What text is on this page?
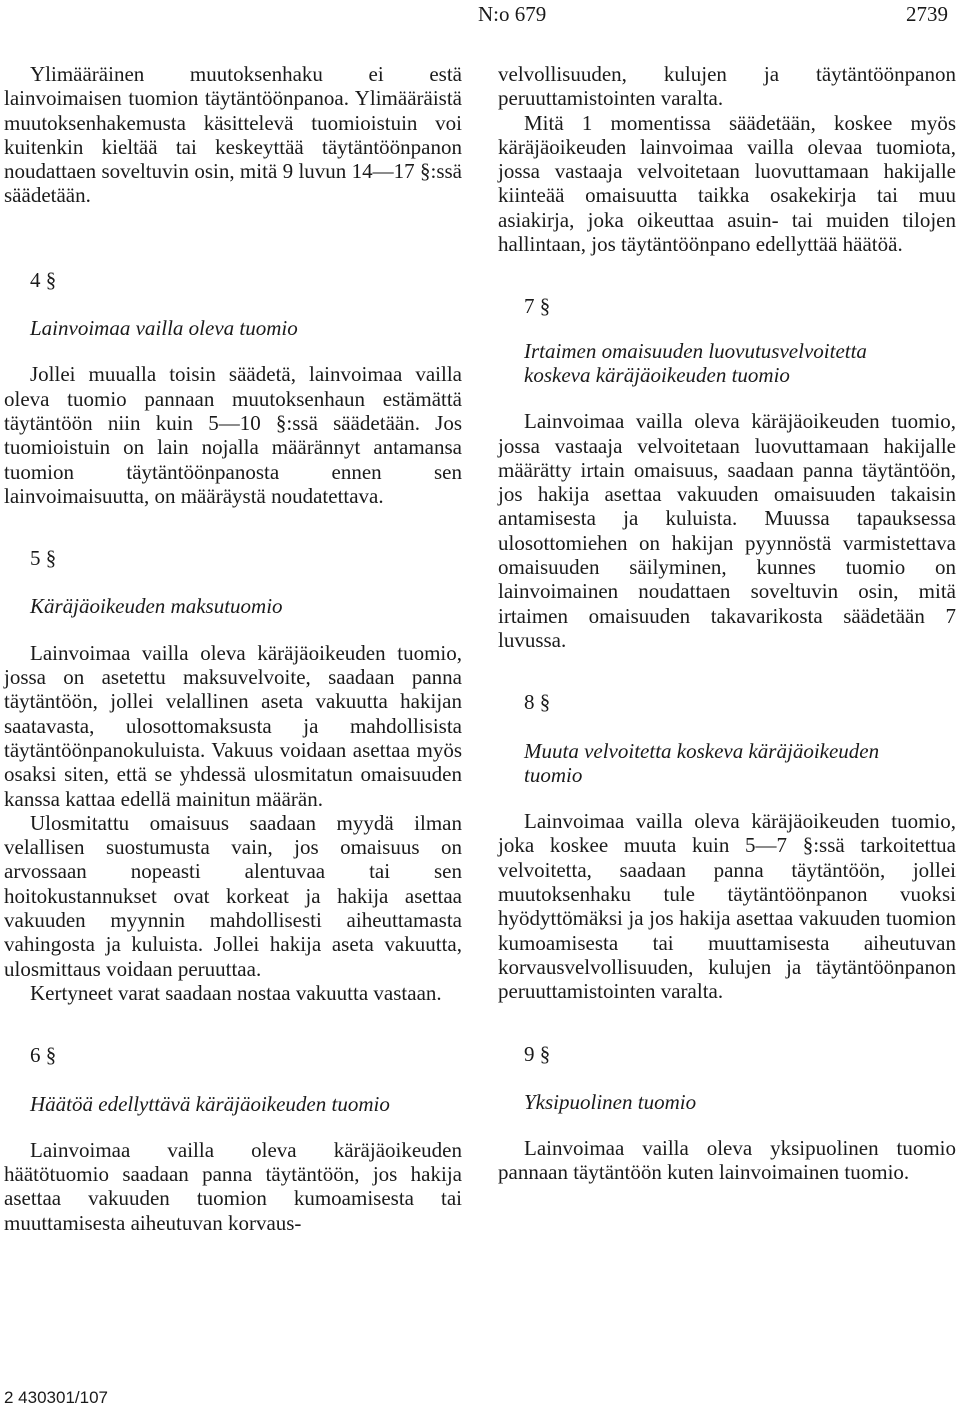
N:o 679	2739

Ylimääräinen muutoksenhaku ei estä lainvoimaisen tuomion täytäntöönpanoa. Ylimääräistä muutoksenhakemusta käsittelevä tuomioistuin voi kuitenkin kieltää tai keskeyttää täytäntöönpanon noudattaen soveltuvin osin, mitä 9 luvun 14—17 §:ssä säädetään.

4 §

Lainvoimaa vailla oleva tuomio

Jollei muualla toisin säädetä, lainvoimaa vailla oleva tuomio pannaan muutoksenhaun estämättä täytäntöön niin kuin 5—10 §:ssä säädetään. Jos tuomioistuin on lain nojalla määrännyt antamansa tuomion täytäntöönpanosta ennen sen lainvoimaisuutta, on määräystä noudatettava.

5 §

Käräjäoikeuden maksutuomio

Lainvoimaa vailla oleva käräjäoikeuden tuomio, jossa on asetettu maksuvelvoite, saadaan panna täytäntöön, jollei velallinen aseta vakuutta hakijan saatavasta, ulosottomaksusta ja mahdollisista täytäntöönpanokuluista. Vakuus voidaan asettaa myös osaksi siten, että se yhdessä ulosmitatun omaisuuden kanssa kattaa edellä mainitun määrän.

Ulosmitattu omaisuus saadaan myydä ilman velallisen suostumusta vain, jos omaisuus on arvossaan nopeasti alentuvaa tai sen hoitokustannukset ovat korkeat ja hakija asettaa vakuuden myynnin mahdollisesti aiheuttamasta vahingosta ja kuluista. Jollei hakija aseta vakuutta, ulosmittaus voidaan peruuttaa.

Kertyneet varat saadaan nostaa vakuutta vastaan.

6 §

Häätöä edellyttävä käräjäoikeuden tuomio

Lainvoimaa vailla oleva käräjäoikeuden häätötuomio saadaan panna täytäntöön, jos hakija asettaa vakuuden tuomion kumoamisesta tai muuttamisesta aiheutuvan korvaus-

velvollisuuden, kulujen ja täytäntöönpanon peruuttamistointen varalta.

Mitä 1 momentissa säädetään, koskee myös käräjäoikeuden lainvoimaa vailla olevaa tuomiota, jossa vastaaja velvoitetaan luovuttamaan hakijalle kiinteää omaisuutta taikka osakekirja tai muu asiakirja, joka oikeuttaa asuin- tai muiden tilojen hallintaan, jos täytäntöönpano edellyttää häätöä.

7 §

Irtaimen omaisuuden luovutusvelvoitetta

koskeva käräjäoikeuden tuomio

Lainvoimaa vailla oleva käräjäoikeuden tuomio, jossa vastaaja velvoitetaan luovuttamaan hakijalle määrätty irtain omaisuus, saadaan panna täytäntöön, jos hakija asettaa vakuuden omaisuuden takaisin antamisesta ja kuluista. Muussa tapauksessa ulosottomiehen on hakijan pyynnöstä varmistettava omaisuuden säilyminen, kunnes tuomio on lainvoimainen noudattaen soveltuvin osin, mitä irtaimen omaisuuden takavarikosta säädetään 7 luvussa.

8 §

Muuta velvoitetta koskeva käräjäoikeuden

tuomio

Lainvoimaa vailla oleva käräjäoikeuden tuomio, joka koskee muuta kuin 5—7 §:ssä tarkoitettua velvoitetta, saadaan panna täytäntöön, jollei muutoksenhaku tule täytäntöönpanon vuoksi hyödyttömäksi ja jos hakija asettaa vakuuden tuomion kumoamisesta tai muuttamisesta aiheutuvan korvausvelvollisuuden, kulujen ja täytäntöönpanon peruuttamistointen varalta.

9 §

Yksipuolinen tuomio

Lainvoimaa vailla oleva yksipuolinen tuomio pannaan täytäntöön kuten lainvoimainen tuomio.

2 430301/107
